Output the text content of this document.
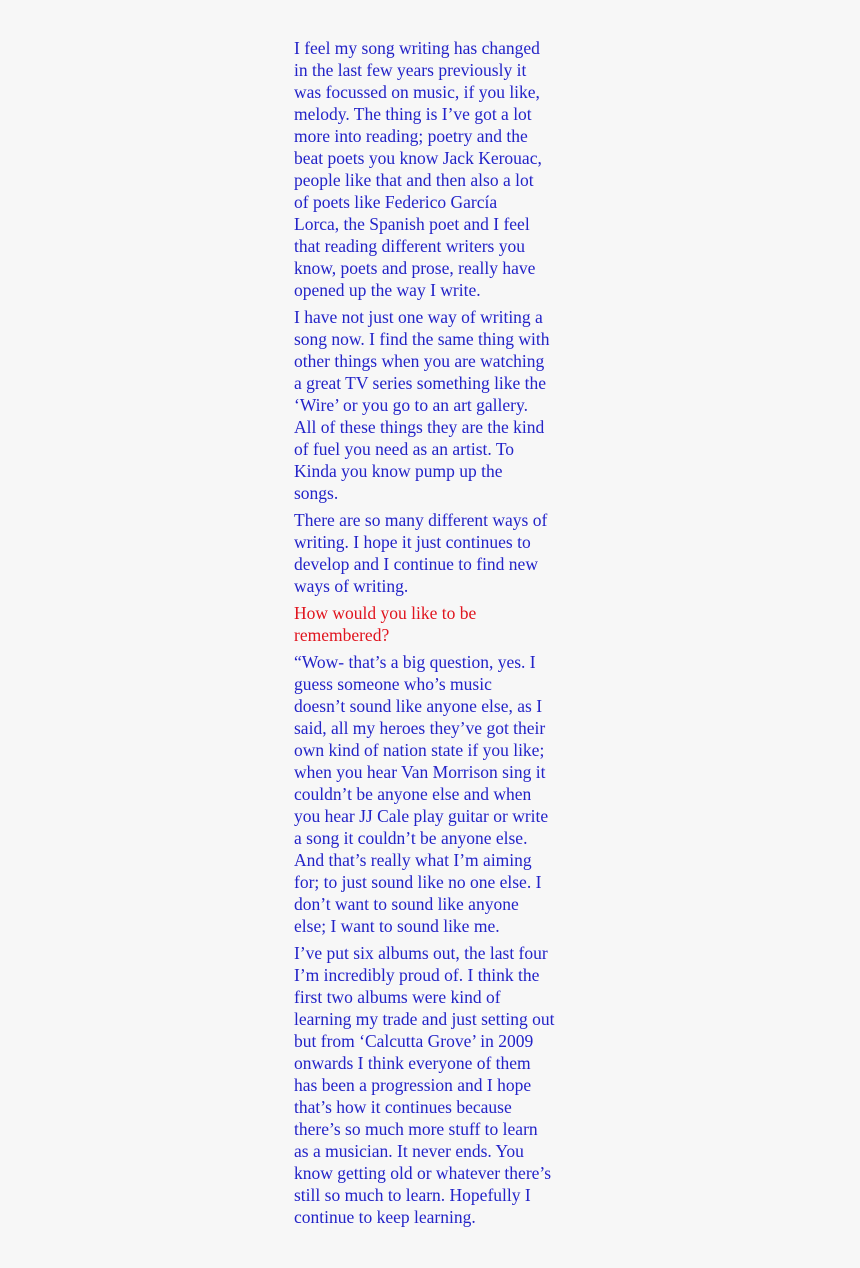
I feel my song writing has changed
in the last few years previously it
was focussed on music, if you like,
melody. The thing is I’ve got a lot
more into reading; poetry and the
beat poets you know Jack Kerouac,
people like that and then also a lot
of poets like Federico García
Lorca, the Spanish poet and I feel
that reading different writers you
know, poets and prose, really have
opened up the way I write.

I have not just one way of writing a
song now. I find the same thing with
other things when you are watching
a great TV series something like the
‘Wire’ or you go to an art gallery.
All of these things they are the kind
of fuel you need as an artist. To
Kinda you know pump up the
songs.

There are so many different ways of
writing. I hope it just continues to
develop and I continue to find new
ways of writing.

How would you like to be
remembered?

“Wow- that’s a big question, yes. I
guess someone who’s music
doesn’t sound like anyone else, as I
said, all my heroes they’ve got their
own kind of nation state if you like;
when you hear Van Morrison sing it
couldn’t be anyone else and when
you hear JJ Cale play guitar or write
a song it couldn’t be anyone else.
And that’s really what I’m aiming
for; to just sound like no one else. I
don’t want to sound like anyone
else; I want to sound like me.

I’ve put six albums out, the last four
I’m incredibly proud of. I think the
first two albums were kind of
learning my trade and just setting out
but from ‘Calcutta Grove’ in 2009
onwards I think everyone of them
has been a progression and I hope
that’s how it continues because
there’s so much more stuff to learn
as a musician. It never ends. You
know getting old or whatever there’s
still so much to learn. Hopefully I
continue to keep learning.
